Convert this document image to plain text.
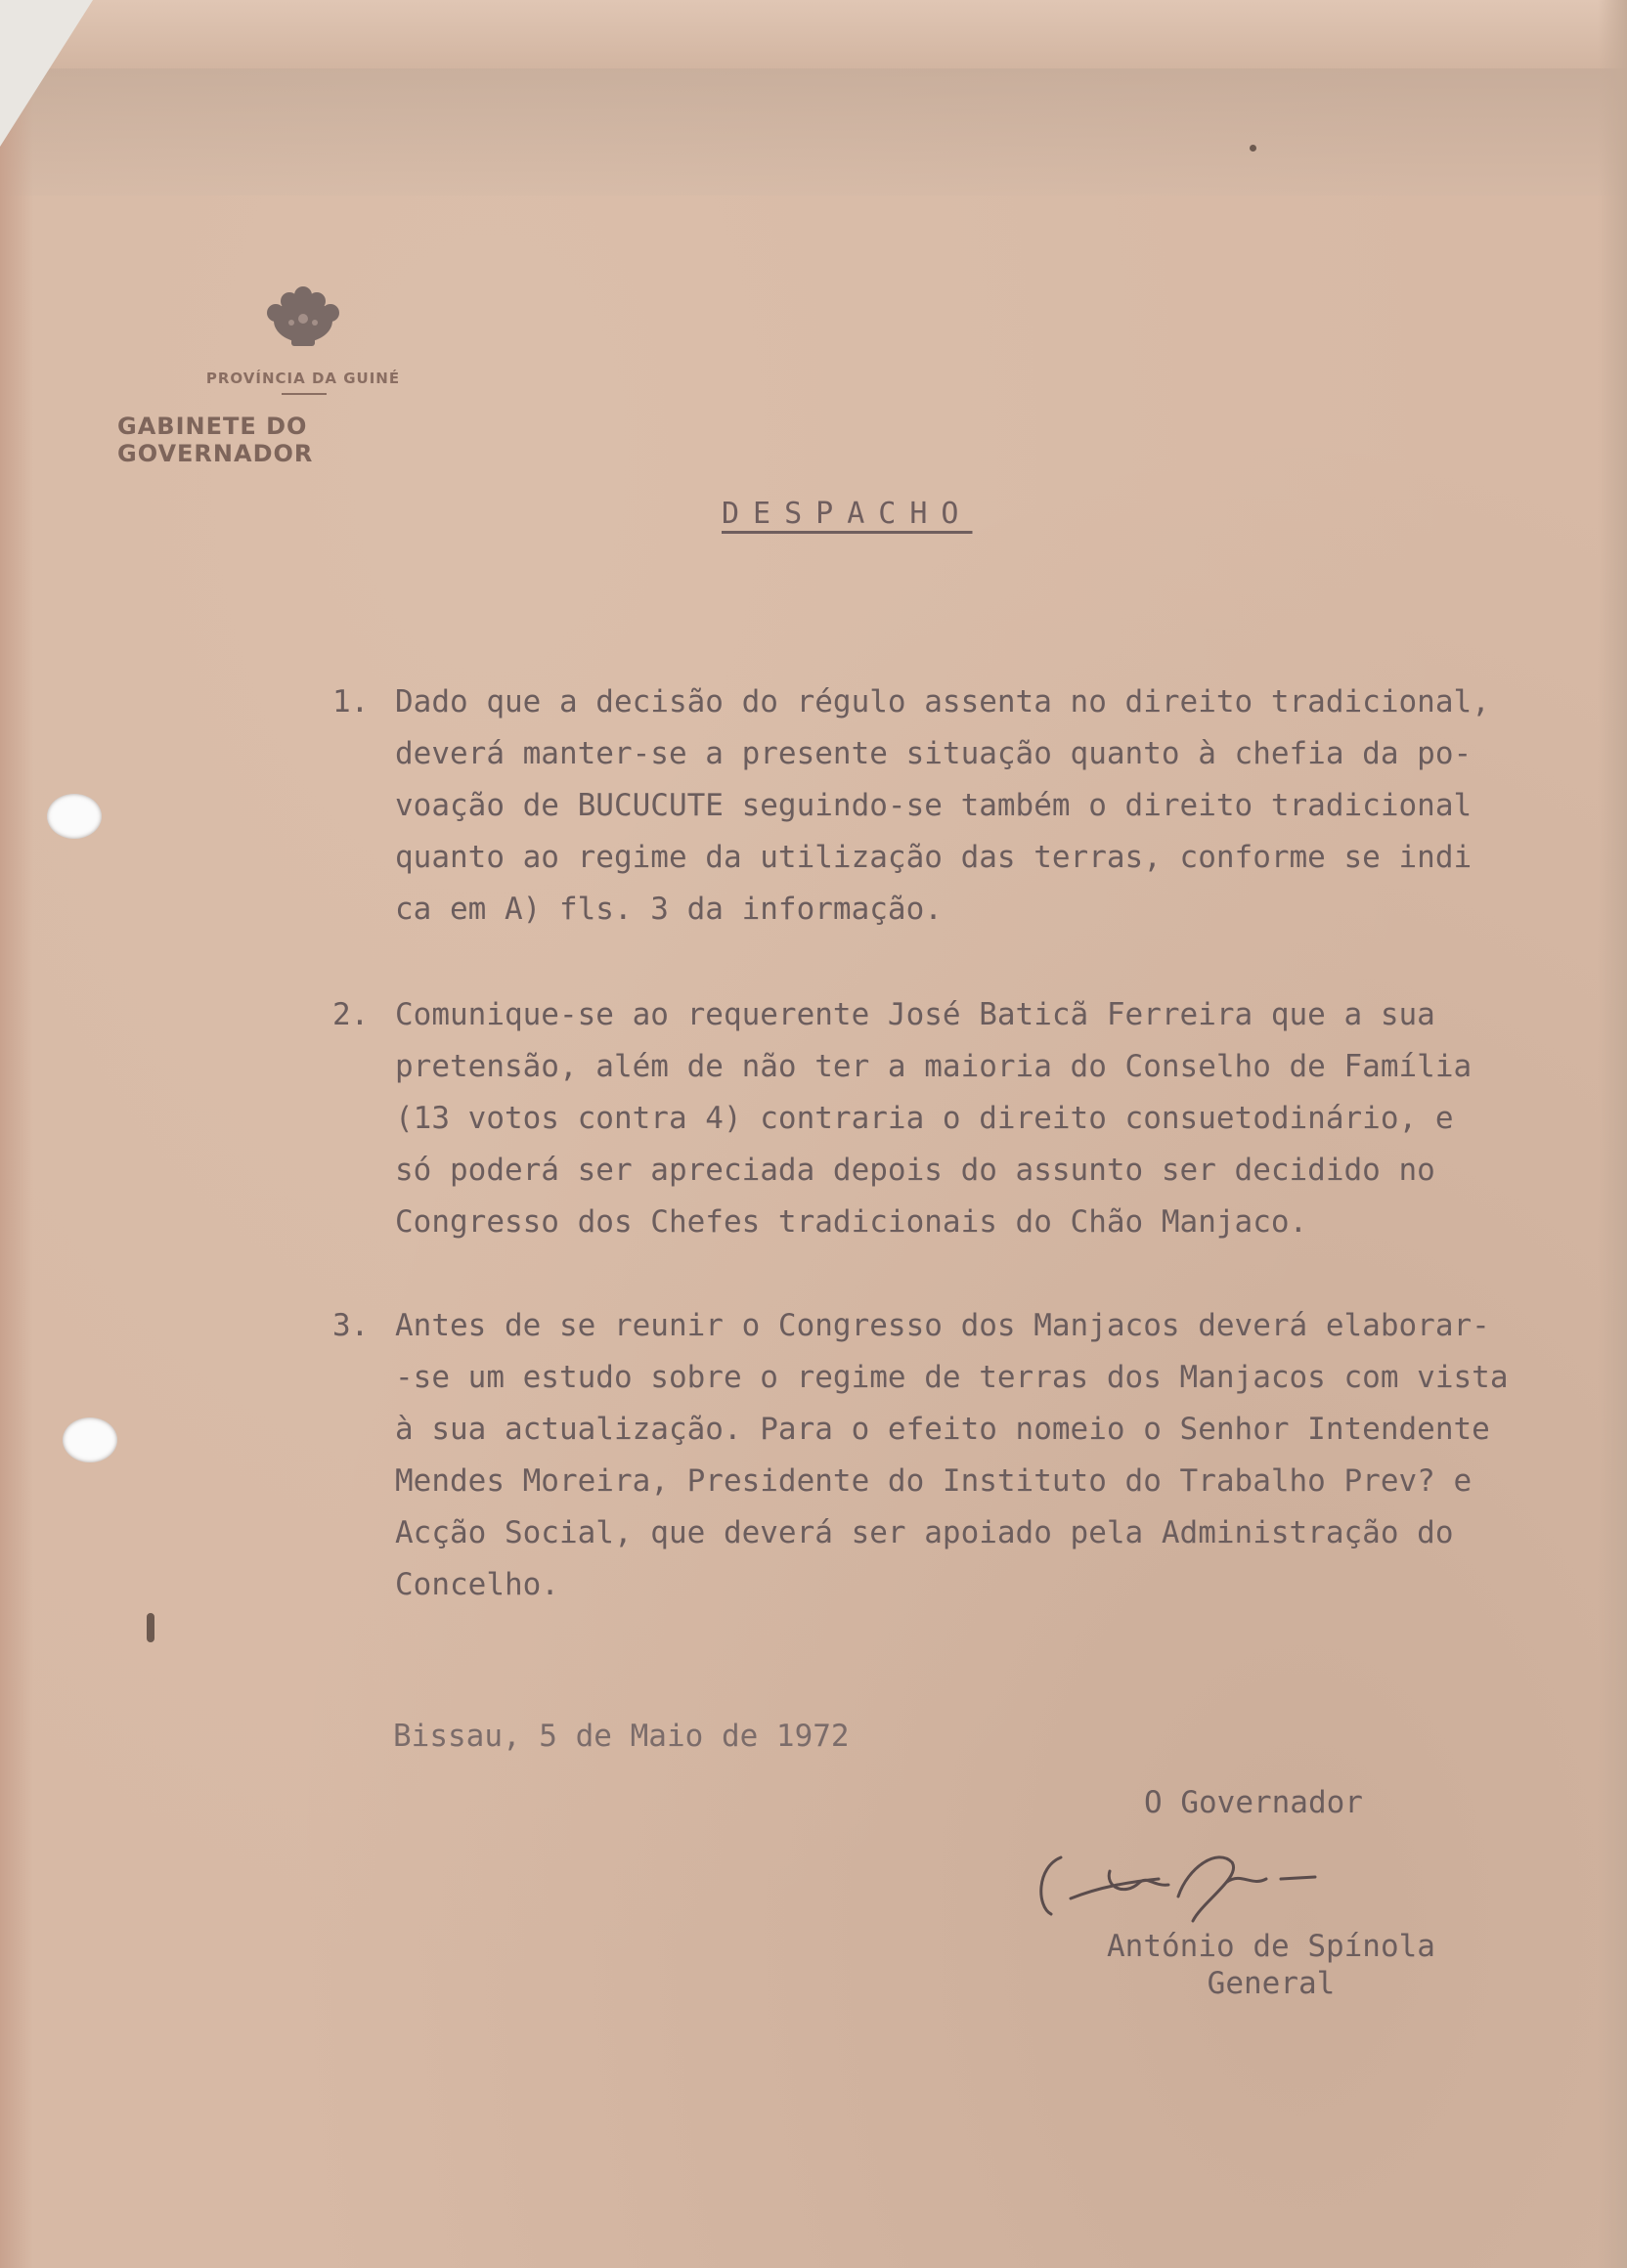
PROVÍNCIA DA GUINÉ
GABINETE DO GOVERNADOR
DESPACHO
1. Dado que a decisão do régulo assenta no direito tradicional,
deverá manter-se a presente situação quanto à chefia da po-
voação de BUCUCUTE seguindo-se também o direito tradicional
quanto ao regime da utilização das terras, conforme se indi
ca em A) fls. 3 da informação.
2. Comunique-se ao requerente José Baticã Ferreira que a sua
pretensão, além de não ter a maioria do Conselho de Família
(13 votos contra 4) contraria o direito consuetodinário, e
só poderá ser apreciada depois do assunto ser decidido no
Congresso dos Chefes tradicionais do Chão Manjaco.
3. Antes de se reunir o Congresso dos Manjacos deverá elaborar-
-se um estudo sobre o regime de terras dos Manjacos com vista
à sua actualização. Para o efeito nomeio o Senhor Intendente
Mendes Moreira, Presidente do Instituto do Trabalho Prev? e
Acção Social, que deverá ser apoiado pela Administração do
Concelho.
Bissau, 5 de Maio de 1972
O Governador
António de Spínola
General
